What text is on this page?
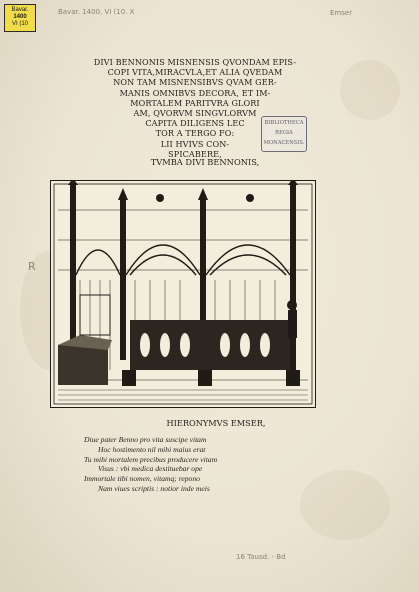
Bavar.
1400
VI (10
Bavar. 1400, VI (10. X	Emser
R
16 Tausd. - Bd
DIVI BENNONIS MISNENSIS QVONDAM EPIS-
COPI VITA,MIRACVLA,ET ALIA QVEDAM
NON TAM MISNENSIBVS QVAM GER-
MANIS OMNIBVS DECORA, ET IM-
MORTALEM PARITVRA GLORI
AM, QVORVM SINGVLORVM
CAPITA DILIGENS LEC
TOR A TERGO FO:
LII HVIVS CON-
SPICABERE,
BIBLIOTHECA
REGIA
MONACENSIS.
TVMBA DIVI BENNONIS,
HIERONYMVS EMSER,
Diue pater Benno pro vita suscipe vitam
Hoc hostimento nil mihi maius erat
Tu mihi mortalem precibus producere vitam
Visus : vbi medica destituebar ope
Immortale tibi nomen, vitamq; repono
Nam viues scriptis : notior inde meis
